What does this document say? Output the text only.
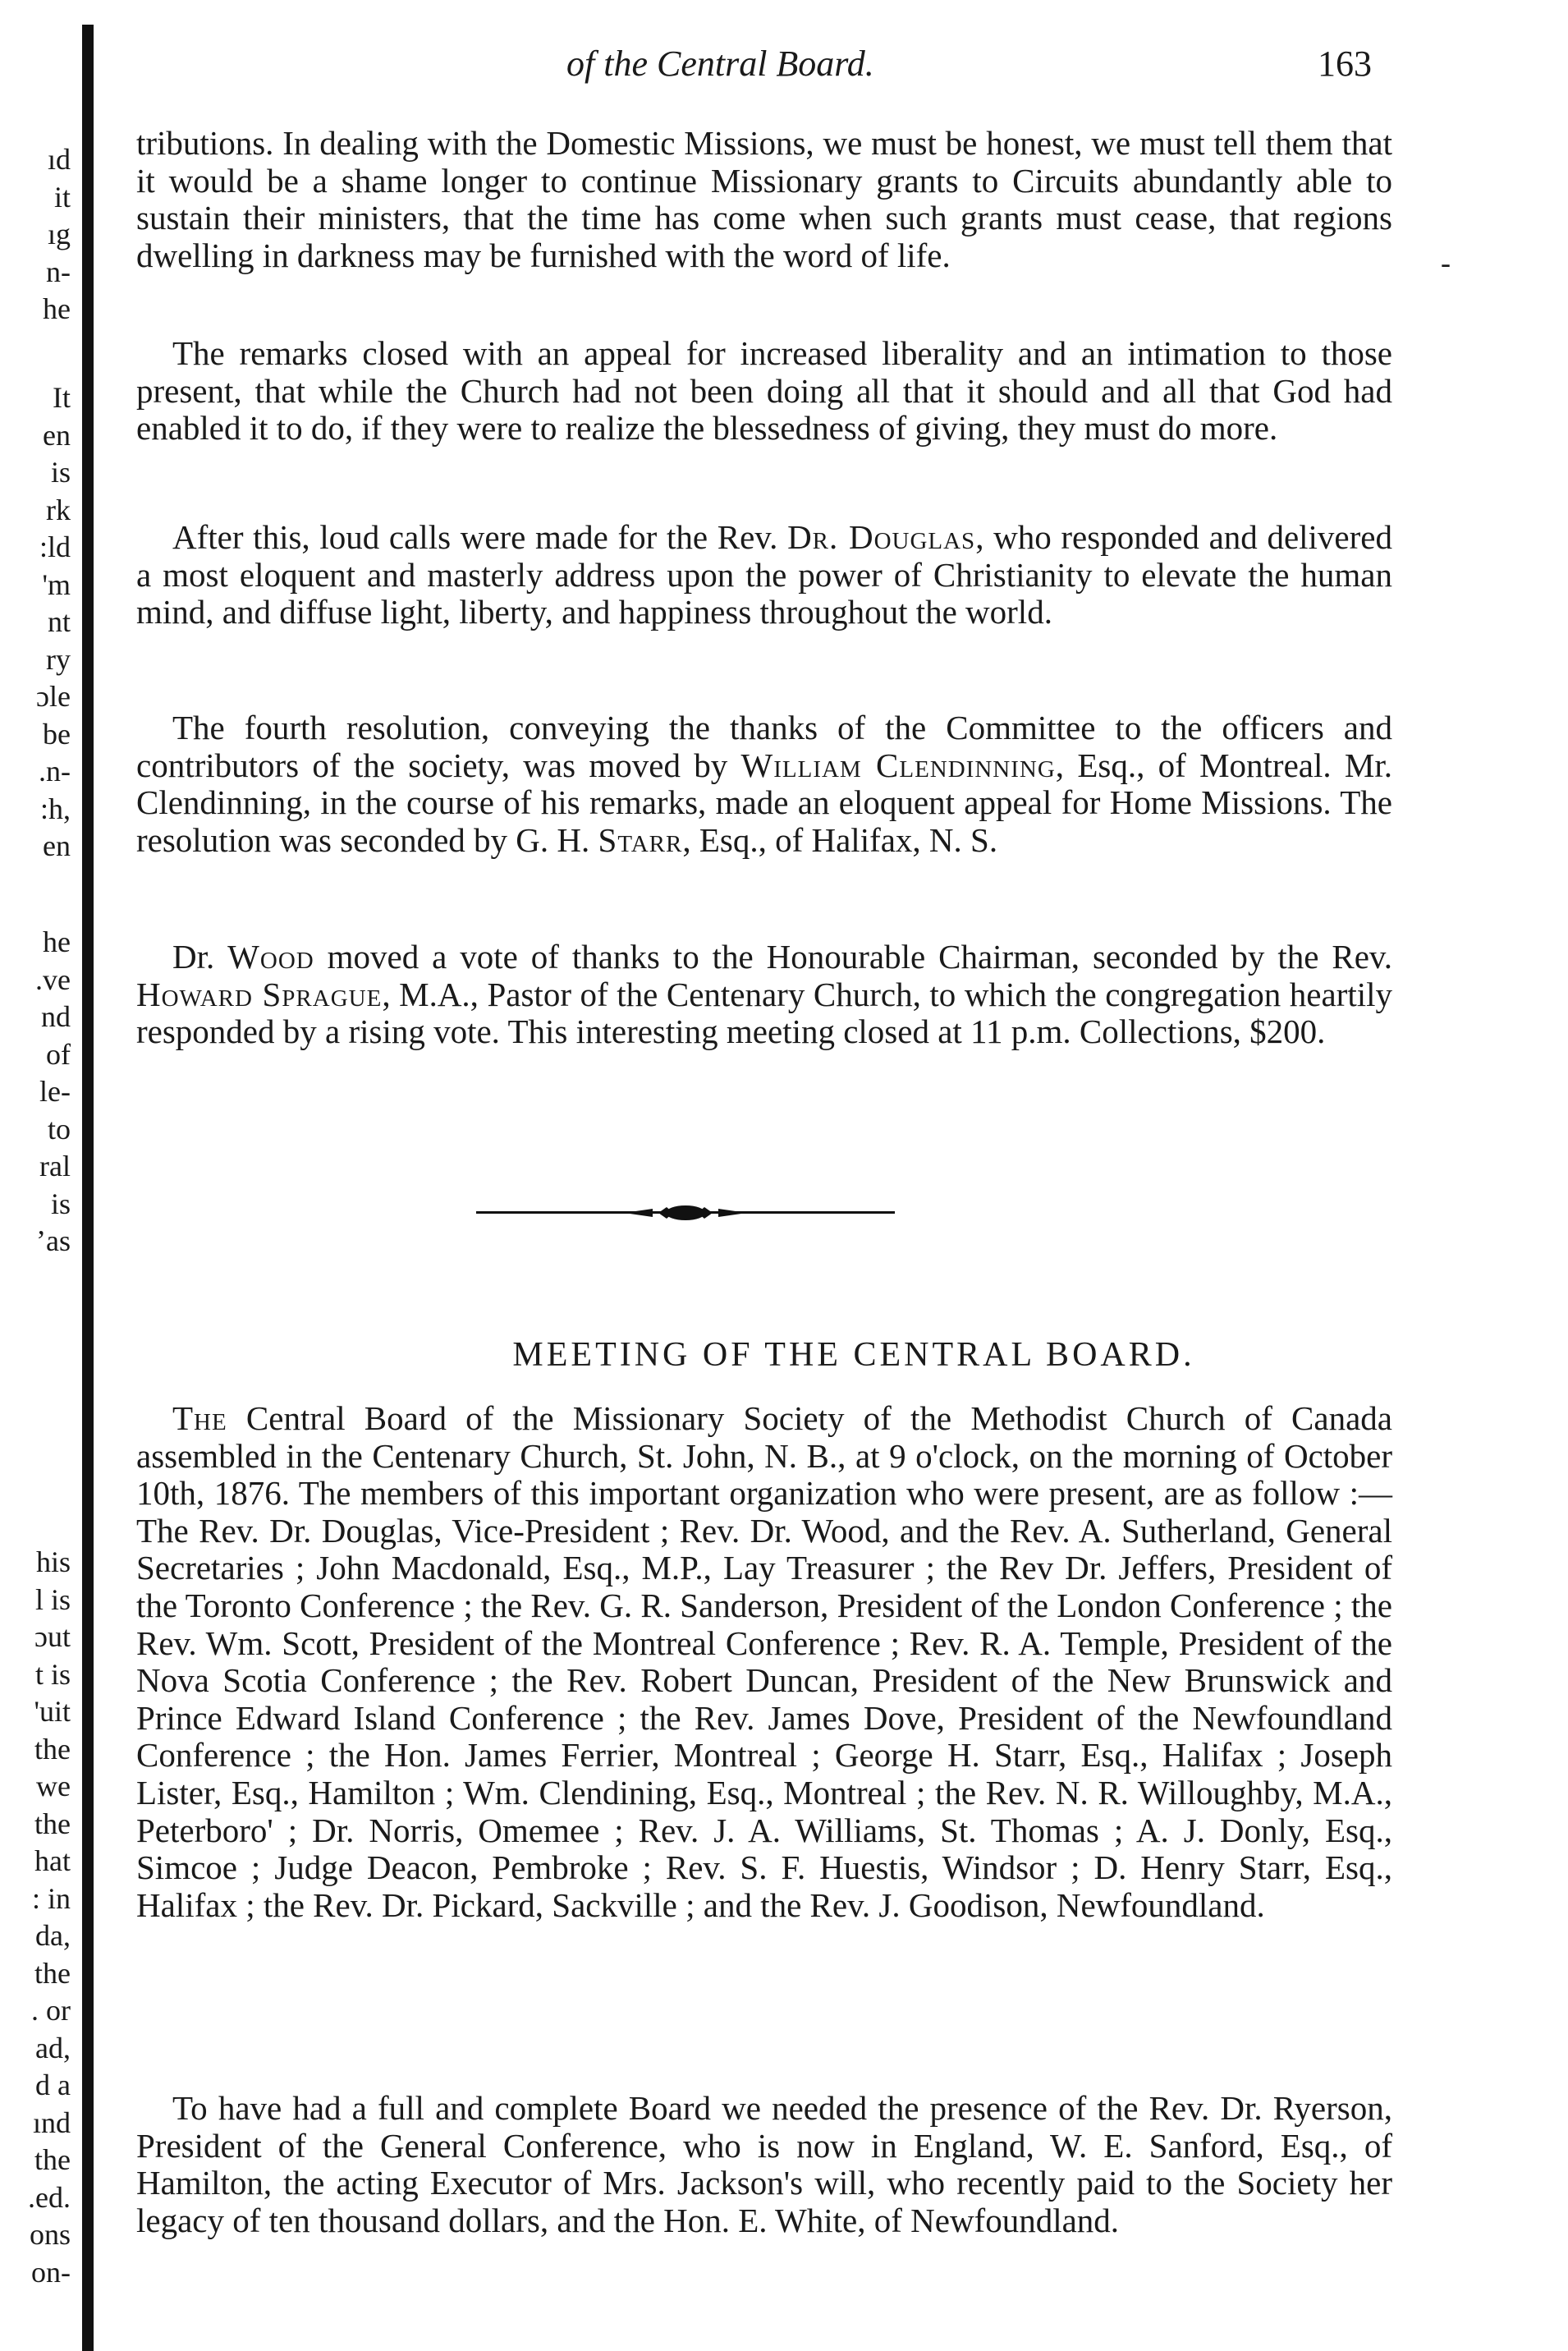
of the Central Board.	163
-
ıd
it
ıg
n-
he
It
en
is
rk
:ld
'm
nt
ry
ɔle
be
.n-
:h,
en
he
.ve
nd
of
le-
to
ral
is
ʼas
his
l is
ɔut
t is
'uit
the
we
the
hat
: in
da,
the
. or
ad,
d a
ınd
the
.ed.
ons
on-

tributions. In dealing with the Domestic Missions, we must be honest, we must tell them that it would be a shame longer to continue Missionary grants to Circuits abundantly able to sustain their ministers, that the time has come when such grants must cease, that regions dwelling in darkness may be furnished with the word of life.

The remarks closed with an appeal for increased liberality and an intimation to those present, that while the Church had not been doing all that it should and all that God had enabled it to do, if they were to realize the blessedness of giving, they must do more.

After this, loud calls were made for the Rev. Dr. Douglas, who responded and delivered a most eloquent and masterly address upon the power of Christianity to elevate the human mind, and diffuse light, liberty, and happiness throughout the world.

The fourth resolution, conveying the thanks of the Committee to the officers and contributors of the society, was moved by William Clendinning, Esq., of Montreal. Mr. Clendinning, in the course of his remarks, made an eloquent appeal for Home Missions. The resolution was seconded by G. H. Starr, Esq., of Halifax, N. S.

Dr. Wood moved a vote of thanks to the Honourable Chairman, seconded by the Rev. Howard Sprague, M.A., Pastor of the Centenary Church, to which the congregation heartily responded by a rising vote. This interesting meeting closed at 11 p.m. Collections, $200.

MEETING OF THE CENTRAL BOARD.

The Central Board of the Missionary Society of the Methodist Church of Canada assembled in the Centenary Church, St. John, N. B., at 9 o'clock, on the morning of October 10th, 1876. The members of this important organization who were present, are as follow :—The Rev. Dr. Douglas, Vice-President ; Rev. Dr. Wood, and the Rev. A. Sutherland, General Secretaries ; John Macdonald, Esq., M.P., Lay Treasurer ; the Rev Dr. Jeffers, President of the Toronto Conference ; the Rev. G. R. Sanderson, President of the London Conference ; the Rev. Wm. Scott, President of the Montreal Conference ; Rev. R. A. Temple, President of the Nova Scotia Conference ; the Rev. Robert Duncan, President of the New Brunswick and Prince Edward Island Conference ; the Rev. James Dove, President of the Newfoundland Conference ; the Hon. James Ferrier, Montreal ; George H. Starr, Esq., Halifax ; Joseph Lister, Esq., Hamilton ; Wm. Clendining, Esq., Montreal ; the Rev. N. R. Willoughby, M.A., Peterboro' ; Dr. Norris, Omemee ; Rev. J. A. Williams, St. Thomas ; A. J. Donly, Esq., Simcoe ; Judge Deacon, Pembroke ; Rev. S. F. Huestis, Windsor ; D. Henry Starr, Esq., Halifax ; the Rev. Dr. Pickard, Sackville ; and the Rev. J. Goodison, Newfoundland.

To have had a full and complete Board we needed the presence of the Rev. Dr. Ryerson, President of the General Conference, who is now in England, W. E. Sanford, Esq., of Hamilton, the acting Executor of Mrs. Jackson's will, who recently paid to the Society her legacy of ten thousand dollars, and the Hon. E. White, of Newfoundland.
